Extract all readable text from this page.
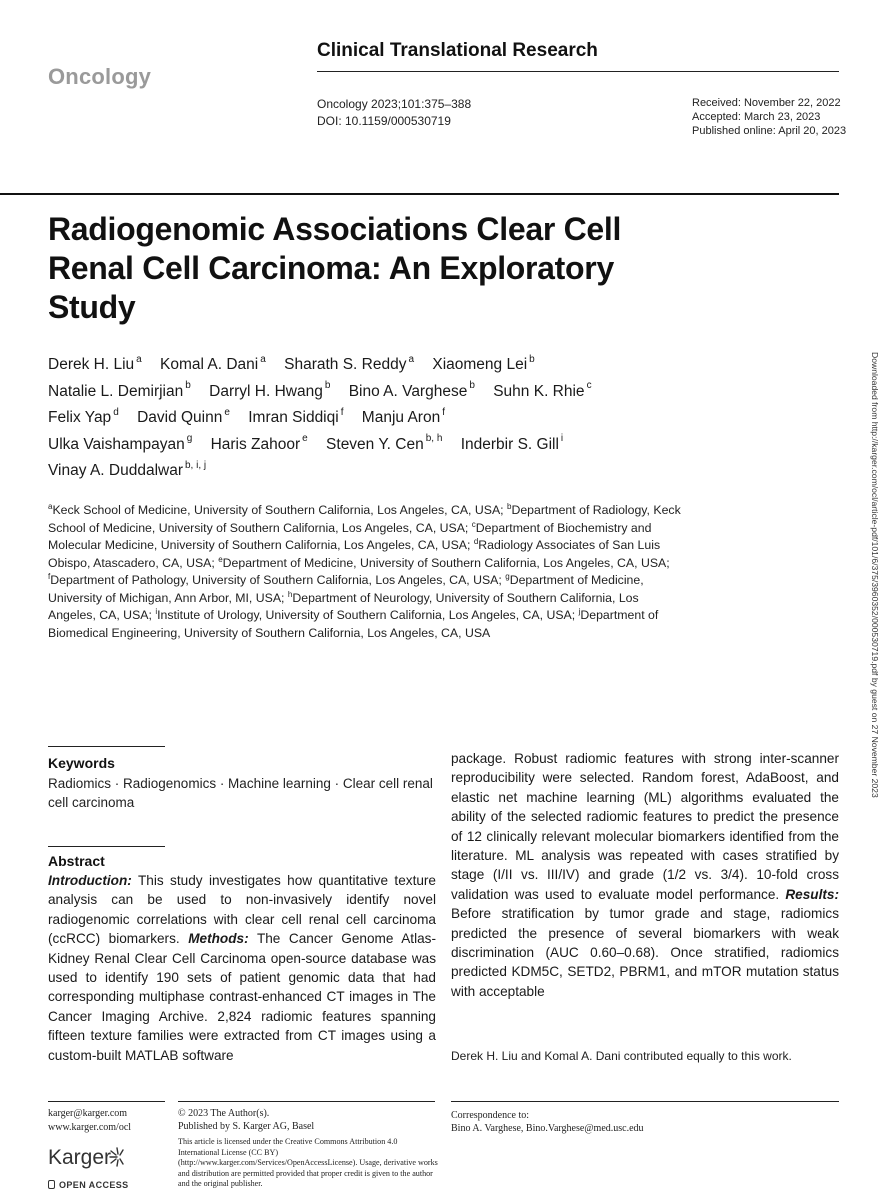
Oncology
Clinical Translational Research
Oncology 2023;101:375–388
DOI: 10.1159/000530719
Received: November 22, 2022
Accepted: March 23, 2023
Published online: April 20, 2023
Radiogenomic Associations Clear Cell Renal Cell Carcinoma: An Exploratory Study
Derek H. Liu $^a$ Komal A. Dani $^a$ Sharath S. Reddy $^a$ Xiaomeng Lei $^b$
Natalie L. Demirjian $^b$ Darryl H. Hwang $^b$ Bino A. Varghese $^b$ Suhn K. Rhie $^c$
Felix Yap $^d$ David Quinn $^e$ Imran Siddiqi $^f$ Manju Aron $^f$
Ulka Vaishampayan $^g$ Haris Zahoor $^e$ Steven Y. Cen $^{b, h}$ Inderbir S. Gill $^i$
Vinay A. Duddalwar $^{b, i, j}$
$^a$Keck School of Medicine, University of Southern California, Los Angeles, CA, USA; $^b$Department of Radiology, Keck School of Medicine, University of Southern California, Los Angeles, CA, USA; $^c$Department of Biochemistry and Molecular Medicine, University of Southern California, Los Angeles, CA, USA; $^d$Radiology Associates of San Luis Obispo, Atascadero, CA, USA; $^e$Department of Medicine, University of Southern California, Los Angeles, CA, USA; $^f$Department of Pathology, University of Southern California, Los Angeles, CA, USA; $^g$Department of Medicine, University of Michigan, Ann Arbor, MI, USA; $^h$Department of Neurology, University of Southern California, Los Angeles, CA, USA; $^i$Institute of Urology, University of Southern California, Los Angeles, CA, USA; $^j$Department of Biomedical Engineering, University of Southern California, Los Angeles, CA, USA	Downloaded from http://karger.com/ocl/article-pdf/101/6/375/3960352/000530719.pdf by guest on 27 November 2023
Keywords
Radiomics · Radiogenomics · Machine learning · Clear cell renal cell carcinoma
Abstract
Introduction: This study investigates how quantitative texture analysis can be used to non-invasively identify novel radiogenomic correlations with clear cell renal cell carcinoma (ccRCC) biomarkers. Methods: The Cancer Genome Atlas-Kidney Renal Clear Cell Carcinoma open-source database was used to identify 190 sets of patient genomic data that had corresponding multiphase contrast-enhanced CT images in The Cancer Imaging Archive. 2,824 radiomic features spanning fifteen texture families were extracted from CT images using a custom-built MATLAB software
package. Robust radiomic features with strong inter-scanner reproducibility were selected. Random forest, AdaBoost, and elastic net machine learning (ML) algorithms evaluated the ability of the selected radiomic features to predict the presence of 12 clinically relevant molecular biomarkers identified from the literature. ML analysis was repeated with cases stratified by stage (I/II vs. III/IV) and grade (1/2 vs. 3/4). 10-fold cross validation was used to evaluate model performance. Results: Before stratification by tumor grade and stage, radiomics predicted the presence of several biomarkers with weak discrimination (AUC 0.60–0.68). Once stratified, radiomics predicted KDM5C, SETD2, PBRM1, and mTOR mutation status with acceptable
Derek H. Liu and Komal A. Dani contributed equally to this work.
karger@karger.com
www.karger.com/ocl
Karger
OPEN ACCESS
© 2023 The Author(s).
Published by S. Karger AG, Basel
This article is licensed under the Creative Commons Attribution 4.0 International License (CC BY) (http://www.karger.com/Services/OpenAccessLicense). Usage, derivative works and distribution are permitted provided that proper credit is given to the author and the original publisher.
Correspondence to:
Bino A. Varghese, Bino.Varghese@med.usc.edu
